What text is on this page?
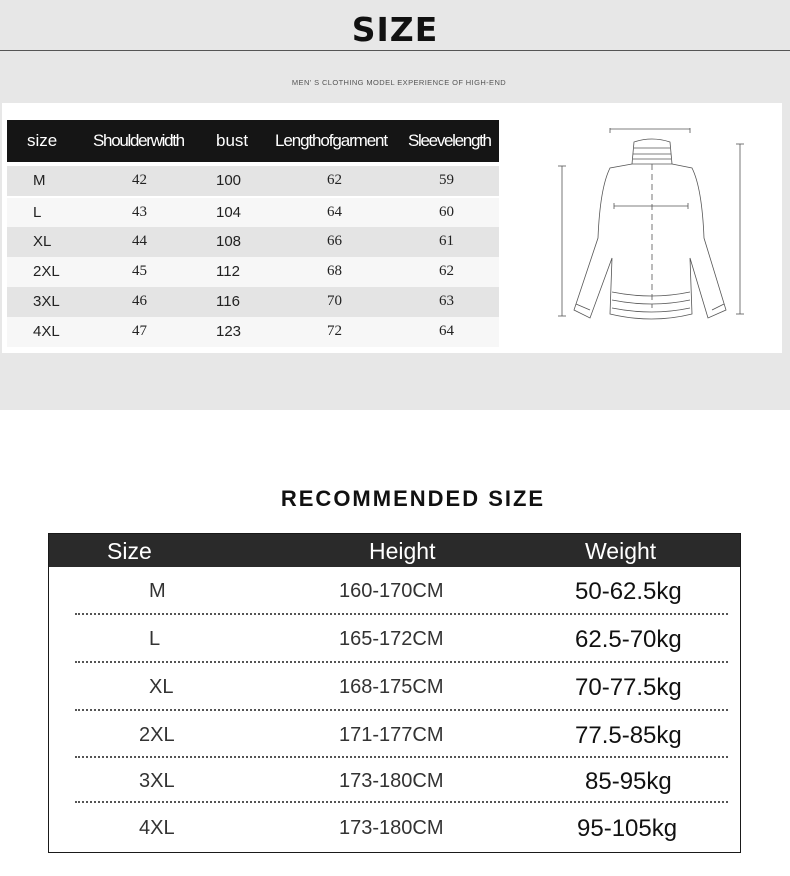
SIZE
MEN' S CLOTHING MODEL EXPERIENCE OF HIGH-END
size Shoulderwidth bust Lengthofgarment Sleevelength
M	42	100	62	59
L	43	104	64	60
XL	44	108	66	61
2XL	45	112	68	62
3XL	46	116	70	63
4XL	47	123	72	64
RECOMMENDED SIZE
Size	Height	Weight
M	160-170CM	50-62.5kg
L	165-172CM	62.5-70kg
XL	168-175CM	70-77.5kg
2XL	171-177CM	77.5-85kg
3XL	173-180CM	85-95kg
4XL	173-180CM	95-105kg
